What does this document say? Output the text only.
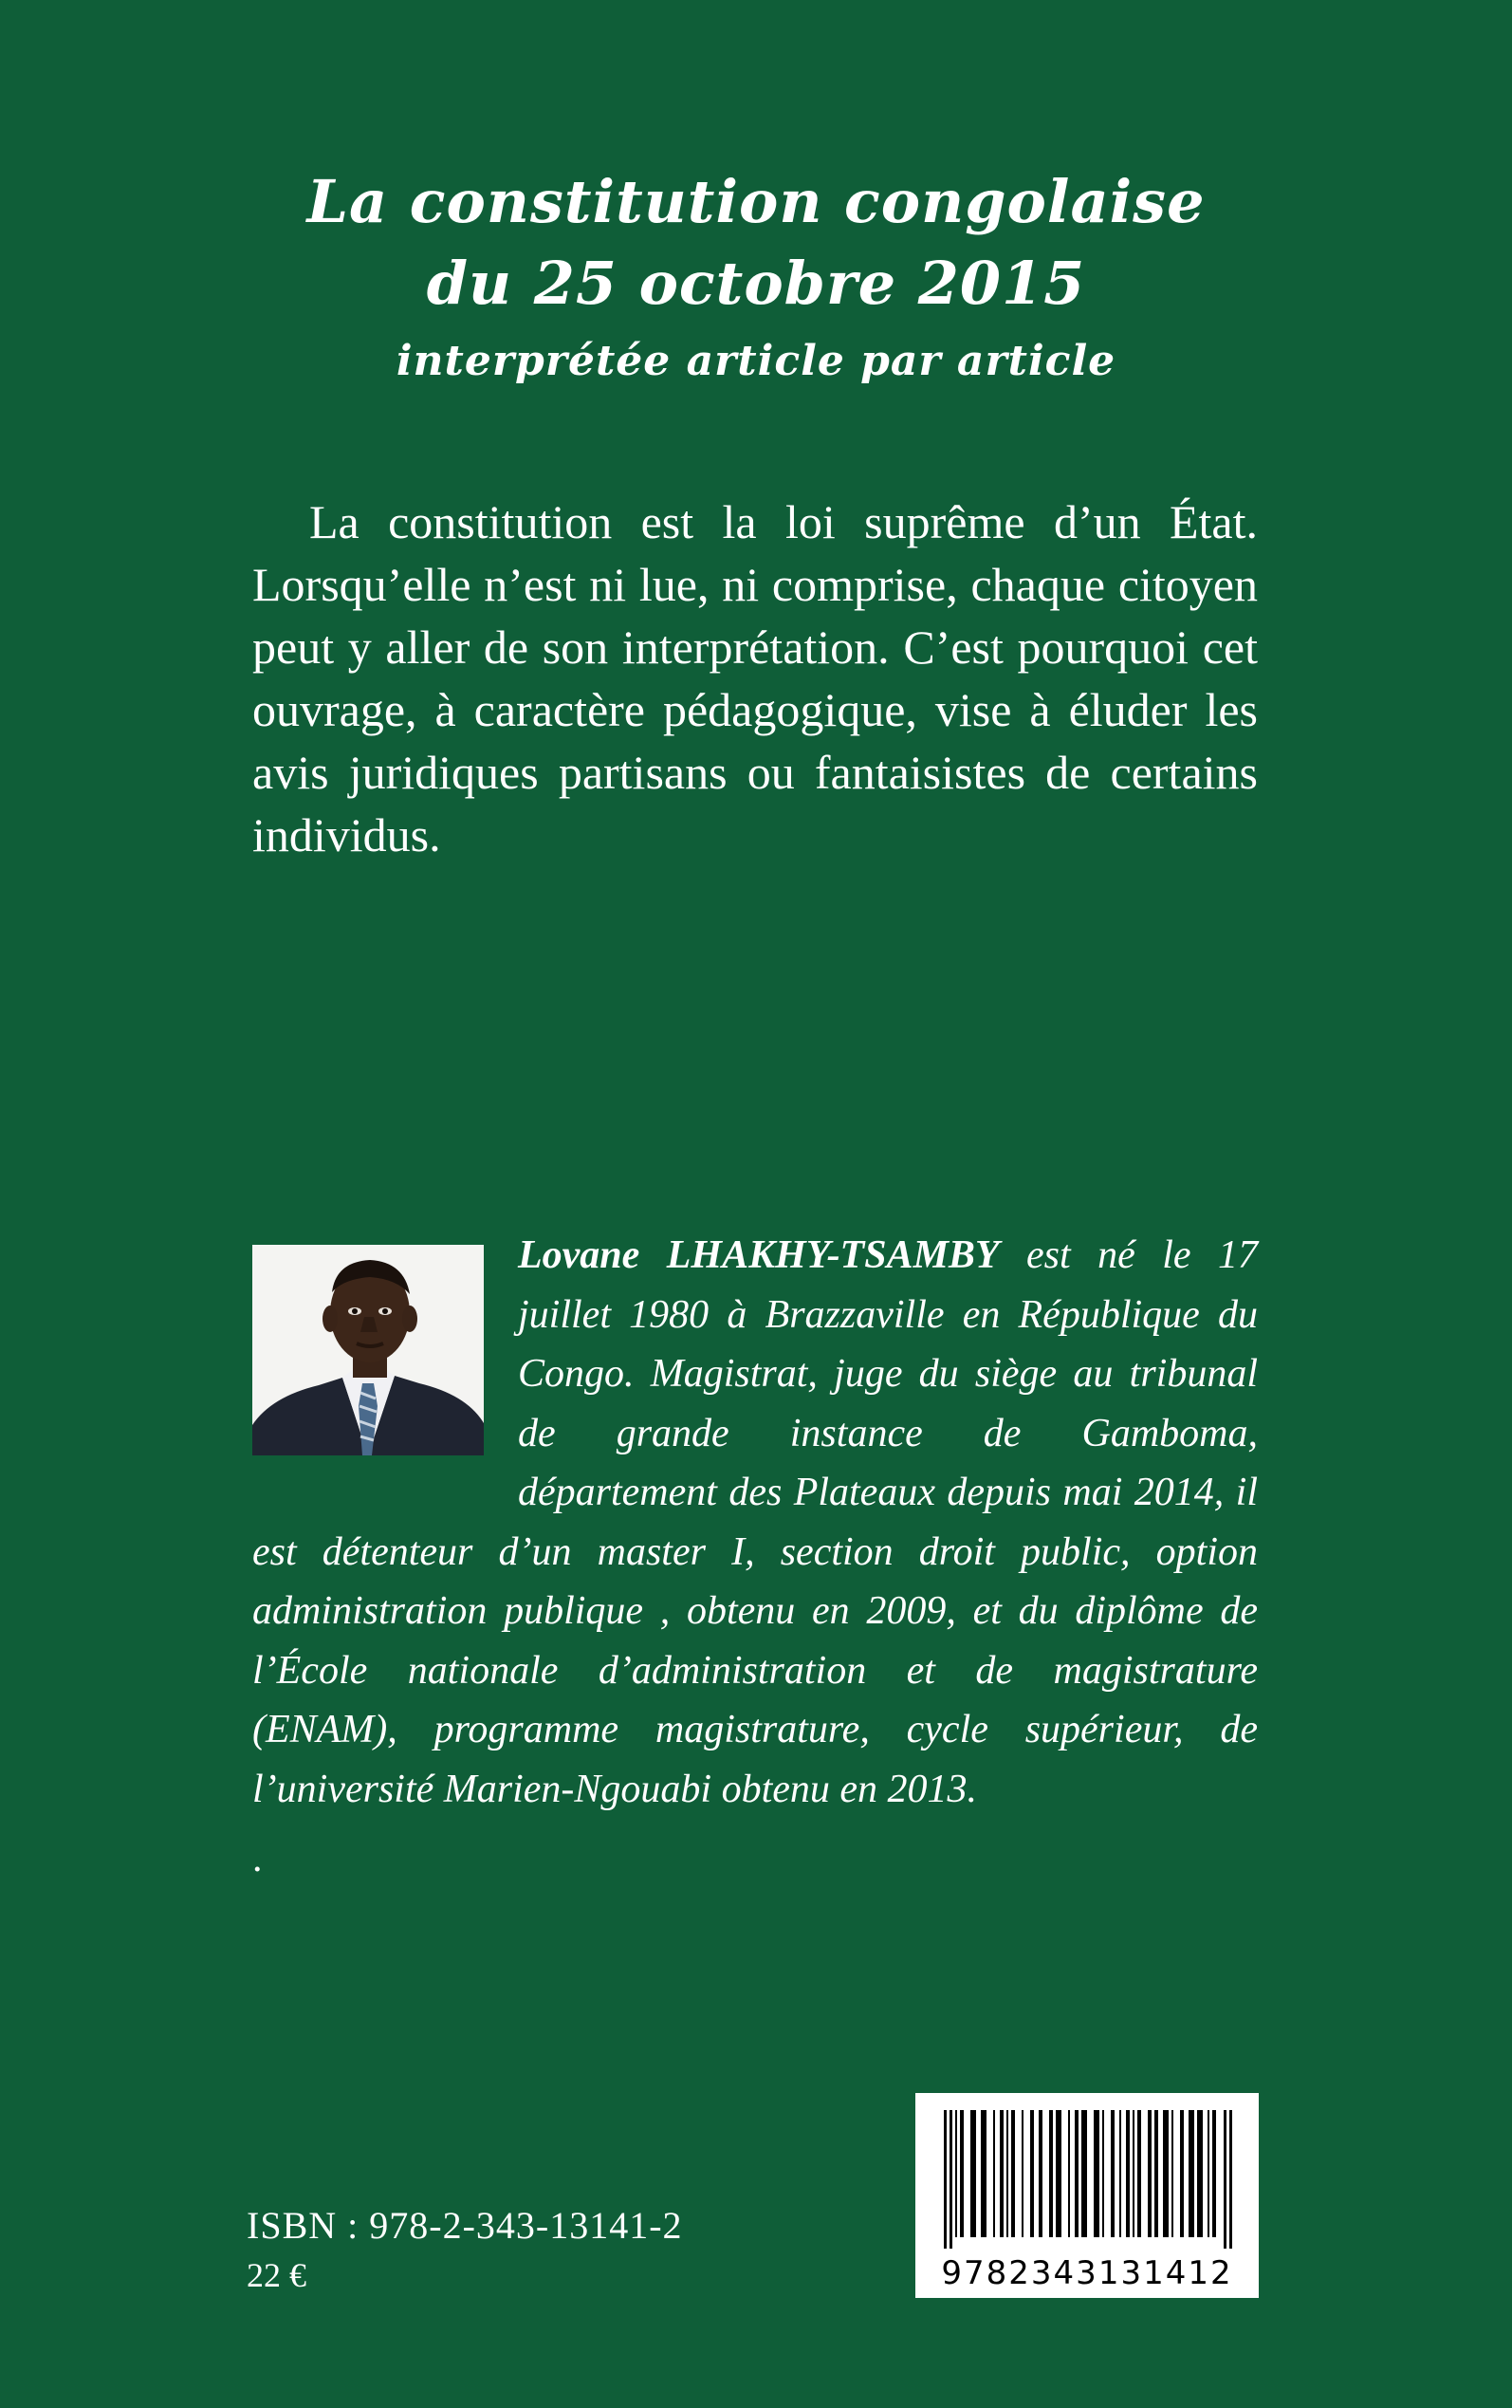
La constitution congolaise
du 25 octobre 2015
interprétée article par article

La constitution est la loi suprême d’un État. Lorsqu’elle n’est ni lue, ni comprise, chaque citoyen peut y aller de son interprétation. C’est pourquoi cet ouvrage, à caractère pédagogique, vise à éluder les avis juridiques partisans ou fantaisistes de certains individus.

Lovane LHAKHY-TSAMBY est né le 17 juillet 1980 à Brazzaville en République du Congo. Magistrat, juge du siège au tribunal de grande instance de Gamboma, département des Plateaux depuis mai 2014, il est détenteur d’un master I, section droit public, option administration publique , obtenu en 2009, et du diplôme de l’École nationale d’administration et de magistrature (ENAM), programme magistrature, cycle supérieur, de l’université Marien-Ngouabi obtenu en 2013.

.
ISBN : 978-2-343-13141-2
22 €	9782343131412
